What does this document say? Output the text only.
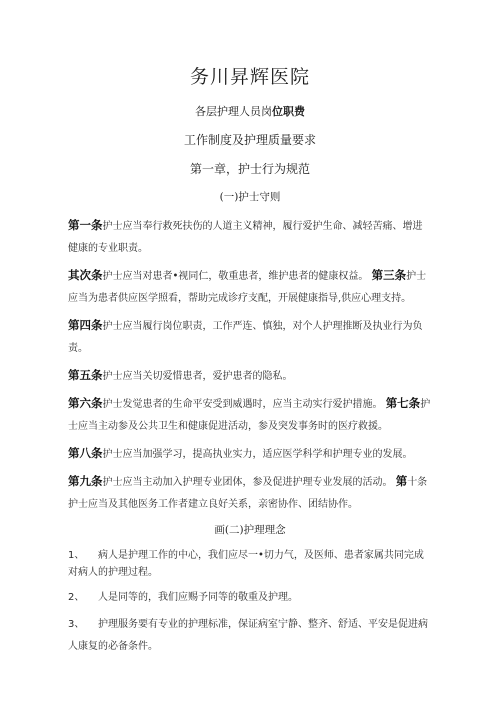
务川昇辉医院
各层护理人员岗位职费
工作制度及护理质量要求
第一章，护士行为规范
(一)护士守则

第一条护士应当奉行救死扶伤的人道主义精神，履行爱护生命、减轻苦痛、增进健康的专业职责。

其次条护士应当对患者•视同仁，敬重患者，维护患者的健康权益。 第三条护士应当为患者供应医学照看，帮助完成诊疗支配，开展健康指导,供应心理支持。

第四条护士应当履行岗位职责，工作严连、慎独，对个人护理推断及执业行为负责。

第五条护士应当关切爱惜患者，爱护患者的隐私。

第六条护士发觉患者的生命平安受到威遇时，应当主动实行爱护措施。 第七条护士应当主动参及公共卫生和健康促进活动，参及突发事务时的医疗救援。

第八条护士应当加强学习，提高执业实力，适应医学科学和护理专业的发展。

第九条护士应当主动加入护理专业团体，参及促进护理专业发展的活动。 第十条护士应当及其他医务工作者建立良好关系，亲密协作、团结协作。

画(二)护理理念

1、 病人是护理工作的中心，我们应尽一•切力气，及医师、患者家属共同完成对病人的护理过程。

2、 人是同等的，我们应赐予同等的敬重及护理。

3、 护理服务要有专业的护理标准，保证病室宁静、整齐、舒适、平安是促进病人康复的必备条件。
